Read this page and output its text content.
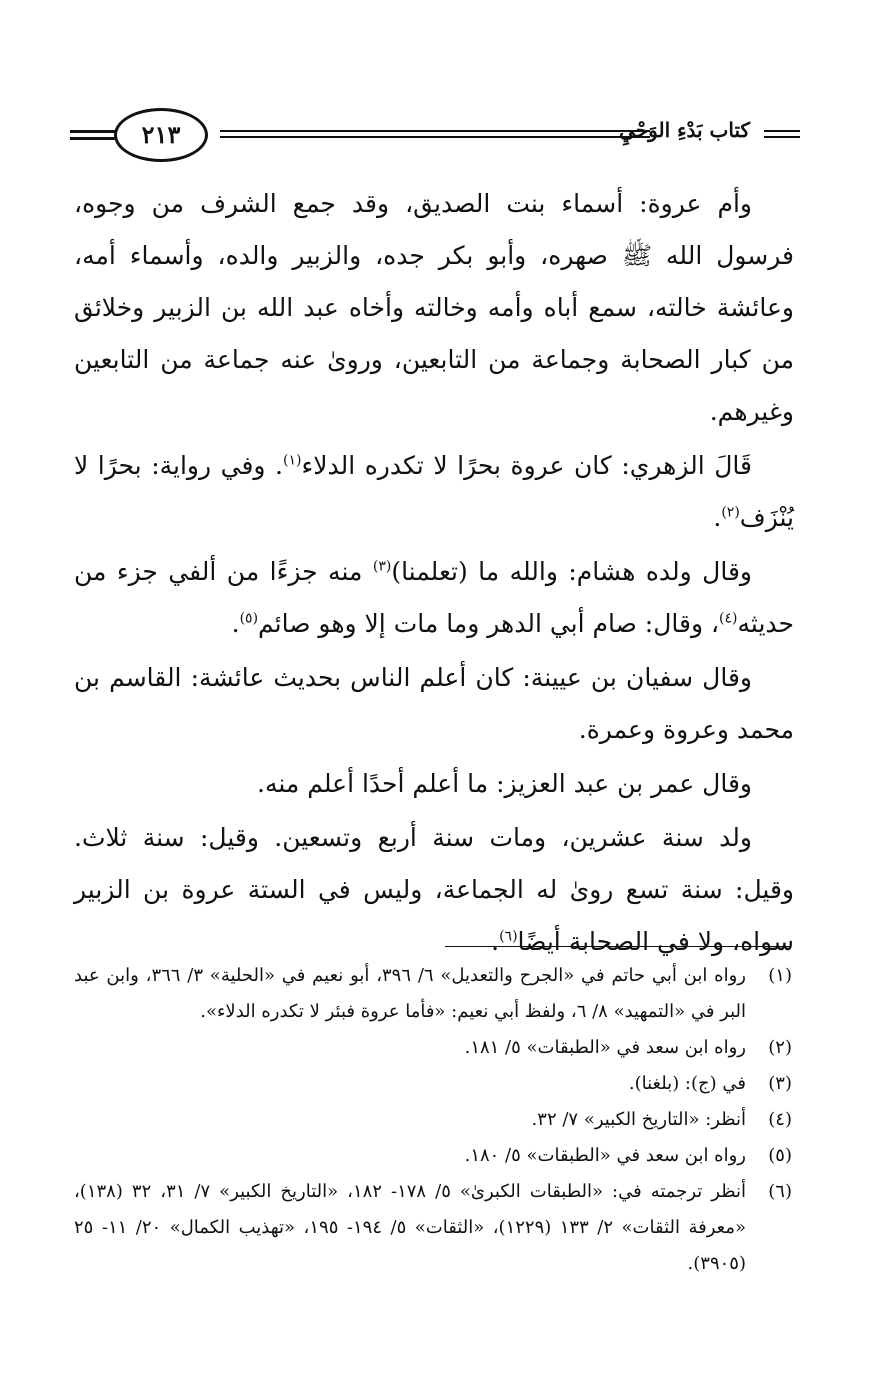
٢١٣	كتاب بَدْءِ الوَحْيِ

وأم عروة: أسماء بنت الصديق، وقد جمع الشرف من وجوه، فرسول الله ﷺ صهره، وأبو بكر جده، والزبير والده، وأسماء أمه، وعائشة خالته، سمع أباه وأمه وخالته وأخاه عبد الله بن الزبير وخلائق من كبار الصحابة وجماعة من التابعين، وروىٰ عنه جماعة من التابعين وغيرهم.

قَالَ الزهري: كان عروة بحرًا لا تكدره الدلاء$^{(١)}$. وفي رواية: بحرًا لا يُنْزَف$^{(٢)}$.

وقال ولده هشام: والله ما (تعلمنا)$^{(٣)}$ منه جزءًا من ألفي جزء من حديثه$^{(٤)}$، وقال: صام أبي الدهر وما مات إلا وهو صائم$^{(٥)}$.

وقال سفيان بن عيينة: كان أعلم الناس بحديث عائشة: القاسم بن محمد وعروة وعمرة.

وقال عمر بن عبد العزيز: ما أعلم أحدًا أعلم منه.

ولد سنة عشرين، ومات سنة أربع وتسعين. وقيل: سنة ثلاث. وقيل: سنة تسع روىٰ له الجماعة، وليس في الستة عروة بن الزبير سواه، ولا في الصحابة أيضًا$^{(٦)}$.

(١)
رواه ابن أبي حاتم في «الجرح والتعديل» ٦/ ٣٩٦، أبو نعيم في «الحلية» ٣/ ٣٦٦، وابن عبد البر في «التمهيد» ٨/ ٦، ولفظ أبي نعيم: «فأما عروة فبئر لا تكدره الدلاء».
(٢)
رواه ابن سعد في «الطبقات» ٥/ ١٨١.
(٣)
في (ج): (بلغنا).
(٤)
أنظر: «التاريخ الكبير» ٧/ ٣٢.
(٥)
رواه ابن سعد في «الطبقات» ٥/ ١٨٠.
(٦)
أنظر ترجمته في: «الطبقات الكبرىٰ» ٥/ ١٧٨- ١٨٢، «التاريخ الكبير» ٧/ ٣١، ٣٢ (١٣٨)، «معرفة الثقات» ٢/ ١٣٣ (١٢٢٩)، «الثقات» ٥/ ١٩٤- ١٩٥، «تهذيب الكمال» ٢٠/ ١١- ٢٥ (٣٩٠٥).
